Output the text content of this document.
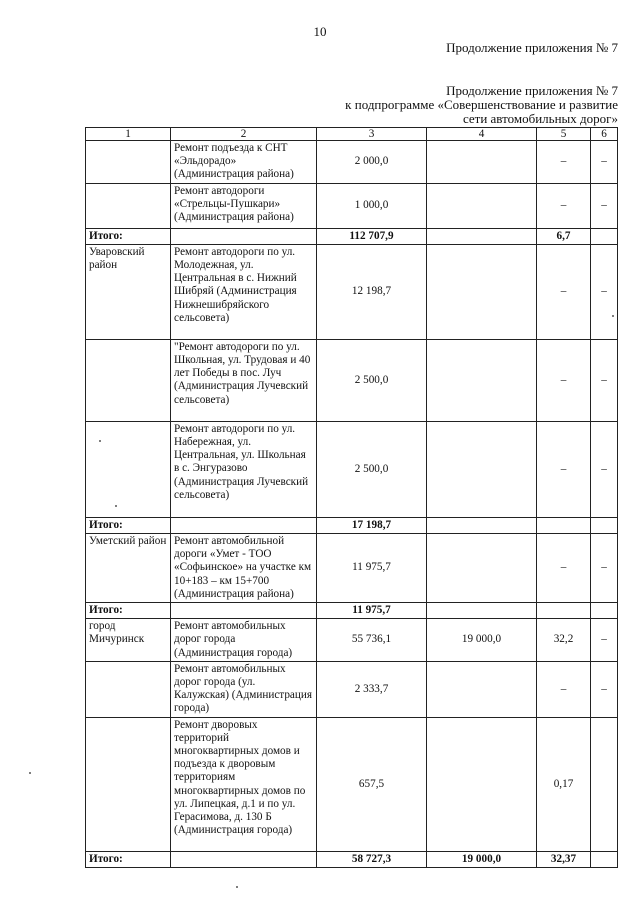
10
Продолжение приложения № 7
Продолжение приложения № 7
к подпрограмме «Совершенствование и развитие
сети автомобильных дорог»
1	2	3	4	5	6
	Ремонт подъезда к СНТ «Эльдорадо» (Администрация района)	2 000,0		–	–
	Ремонт автодороги «Стрельцы-Пушкари» (Администрация района)	1 000,0		–	–
Итого:		112 707,9		6,7	
Уваровский район	Ремонт автодороги по ул. Молодежная, ул. Центральная в с. Нижний Шибряй (Администрация Нижнешибряйского сельсовета)	12 198,7		–	–
	"Ремонт автодороги по ул. Школьная, ул. Трудовая и 40 лет Победы в пос. Луч (Администрация Лучевский сельсовета)	2 500,0		–	–
	Ремонт автодороги по ул. Набережная, ул. Центральная, ул. Школьная в с. Энгуразово (Администрация Лучевский сельсовета)	2 500,0		–	–
Итого:		17 198,7			
Уметский район	Ремонт автомобильной дороги «Умет - ТОО «Софьинское» на участке км 10+183 – км 15+700 (Администрация района)	11 975,7		–	–
Итого:		11 975,7			
город Мичуринск	Ремонт автомобильных дорог города (Администрация города)	55 736,1	19 000,0	32,2	–
	Ремонт автомобильных дорог города (ул. Калужская) (Администрация города)	2 333,7		–	–
	Ремонт дворовых территорий многоквартирных домов и подъезда к дворовым территориям многоквартирных домов по ул. Липецкая, д.1 и по ул. Герасимова, д. 130 Б (Администрация города)	657,5		0,17	
Итого:		58 727,3	19 000,0	32,37	
